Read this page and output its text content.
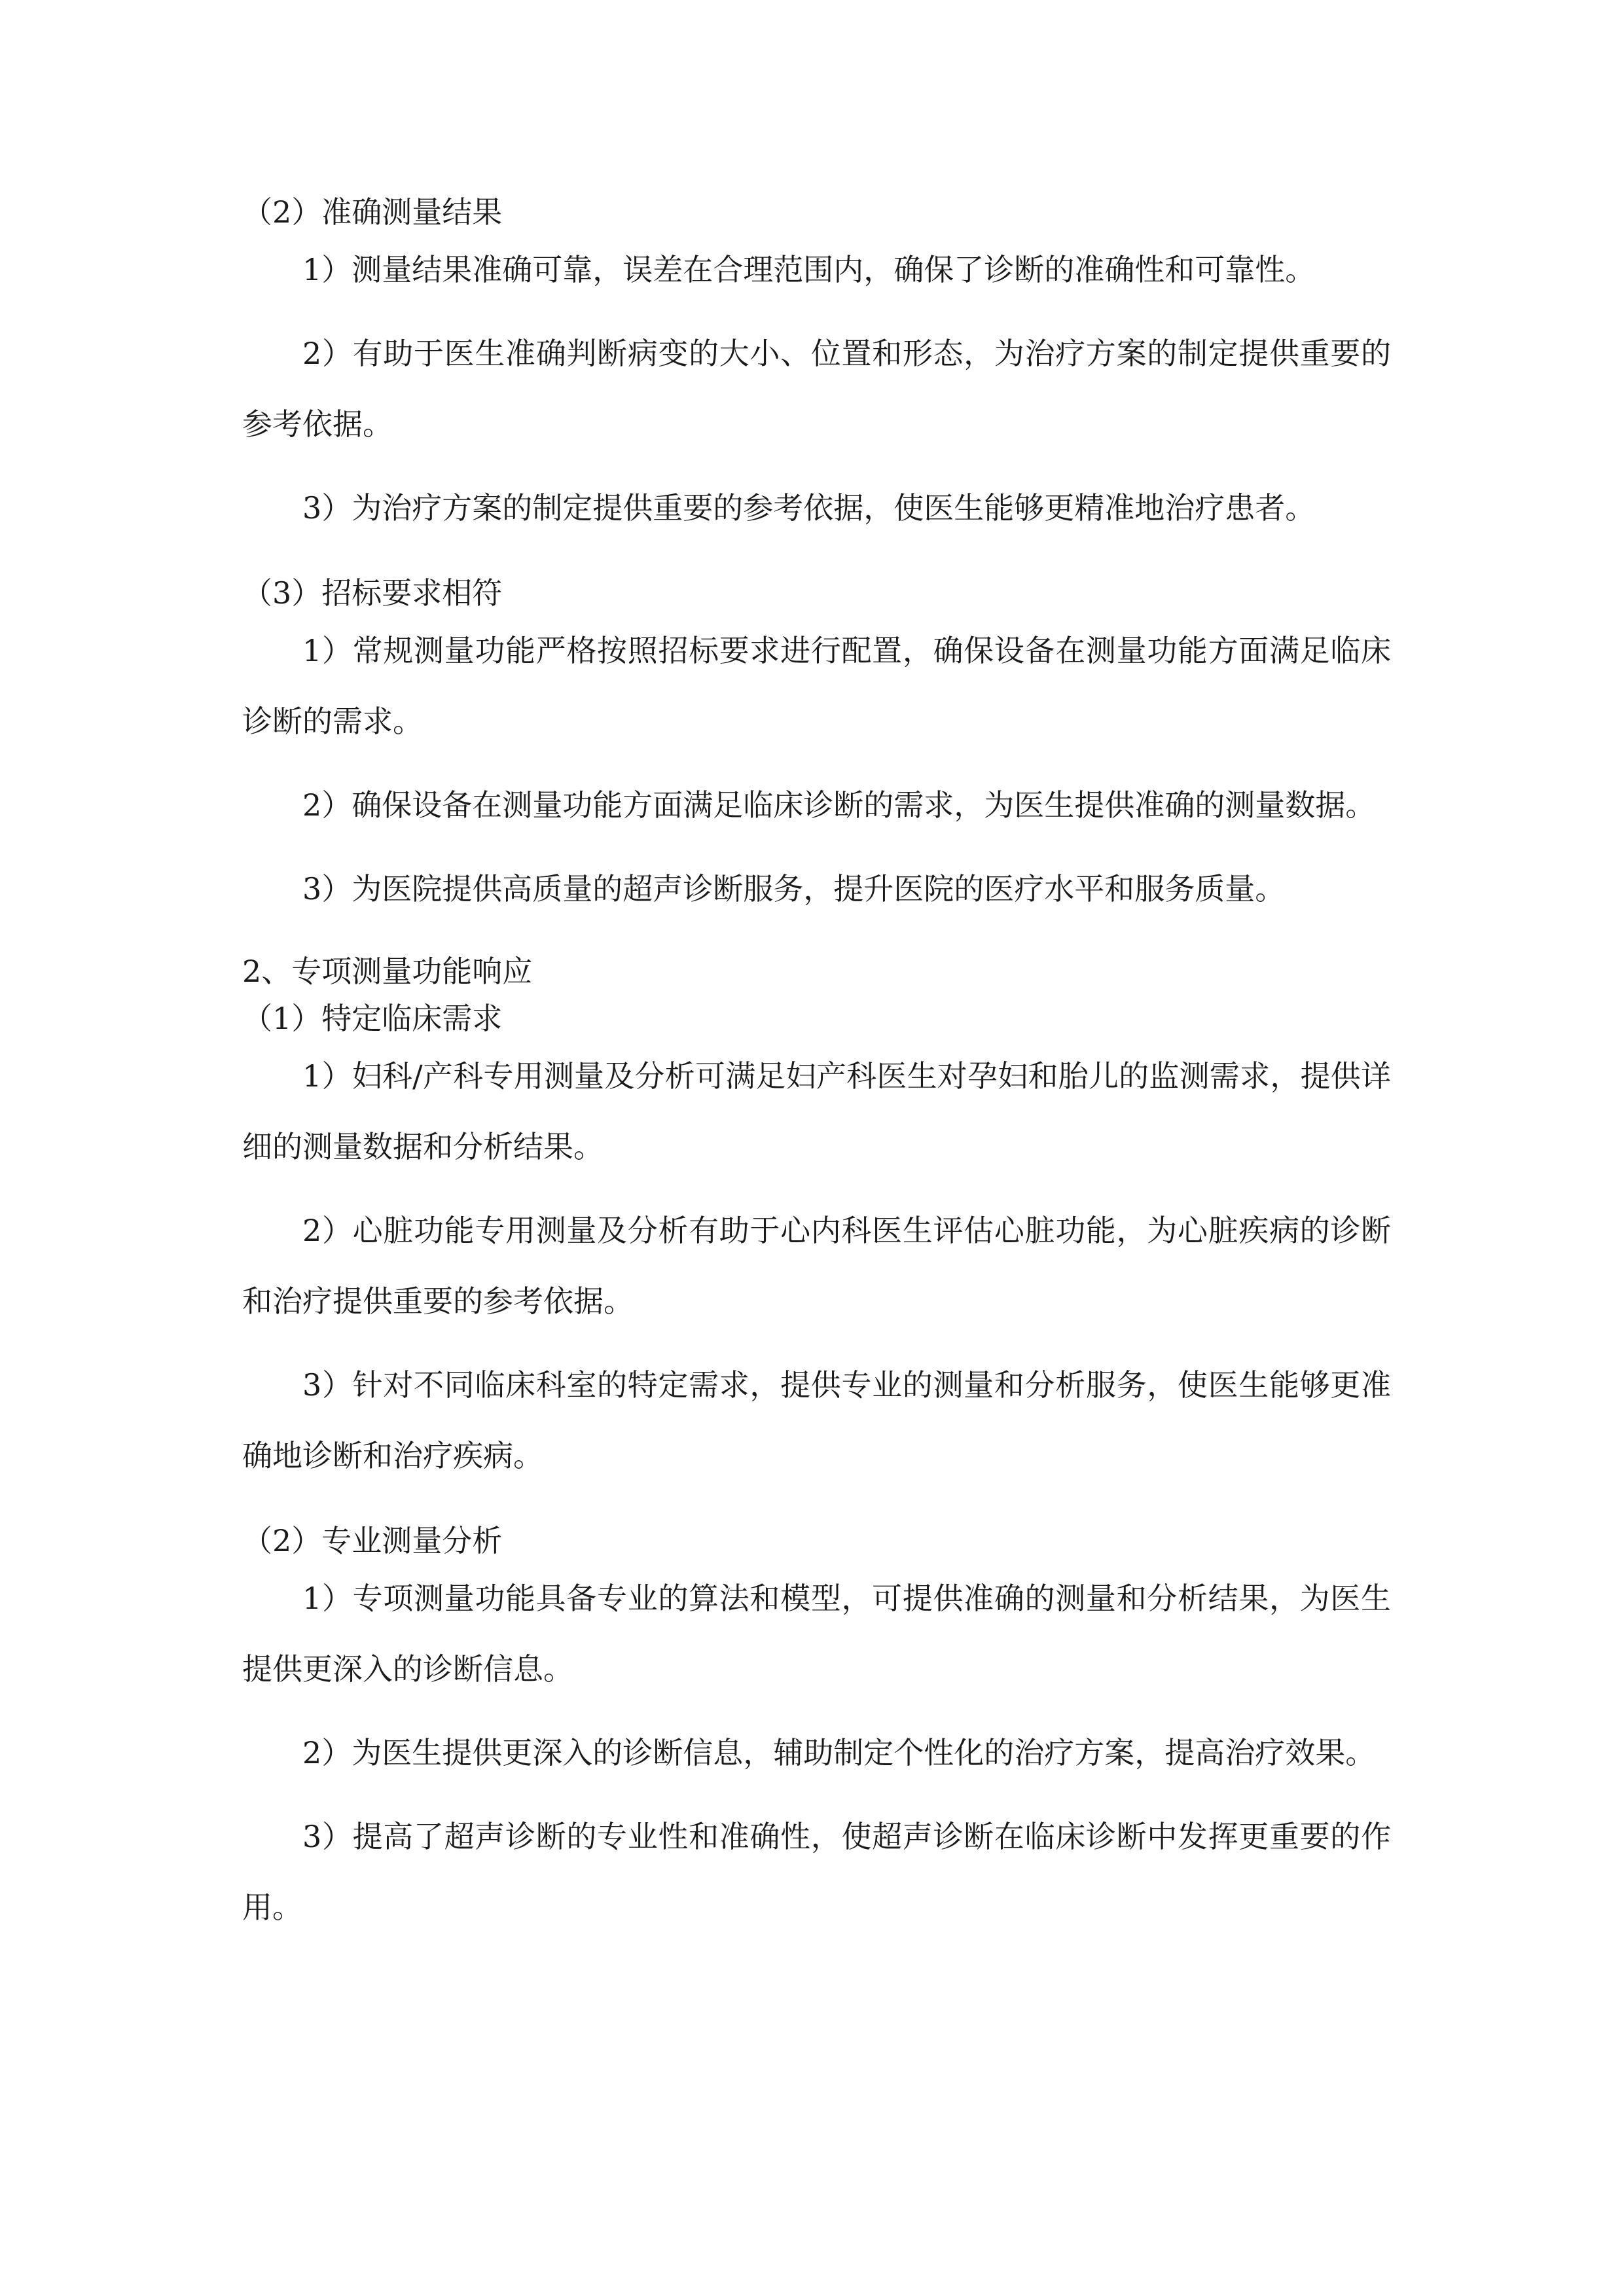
（2）准确测量结果

1）测量结果准确可靠，误差在合理范围内，确保了诊断的准确性和可靠性。

2）有助于医生准确判断病变的大小、位置和形态，为治疗方案的制定提供重要的参考依据。

3）为治疗方案的制定提供重要的参考依据，使医生能够更精准地治疗患者。

（3）招标要求相符

1）常规测量功能严格按照招标要求进行配置，确保设备在测量功能方面满足临床诊断的需求。

2）确保设备在测量功能方面满足临床诊断的需求，为医生提供准确的测量数据。

3）为医院提供高质量的超声诊断服务，提升医院的医疗水平和服务质量。

2、专项测量功能响应
（1）特定临床需求

1）妇科/产科专用测量及分析可满足妇产科医生对孕妇和胎儿的监测需求，提供详细的测量数据和分析结果。

2）心脏功能专用测量及分析有助于心内科医生评估心脏功能，为心脏疾病的诊断和治疗提供重要的参考依据。

3）针对不同临床科室的特定需求，提供专业的测量和分析服务，使医生能够更准确地诊断和治疗疾病。

（2）专业测量分析

1）专项测量功能具备专业的算法和模型，可提供准确的测量和分析结果，为医生提供更深入的诊断信息。

2）为医生提供更深入的诊断信息，辅助制定个性化的治疗方案，提高治疗效果。

3）提高了超声诊断的专业性和准确性，使超声诊断在临床诊断中发挥更重要的作用。
